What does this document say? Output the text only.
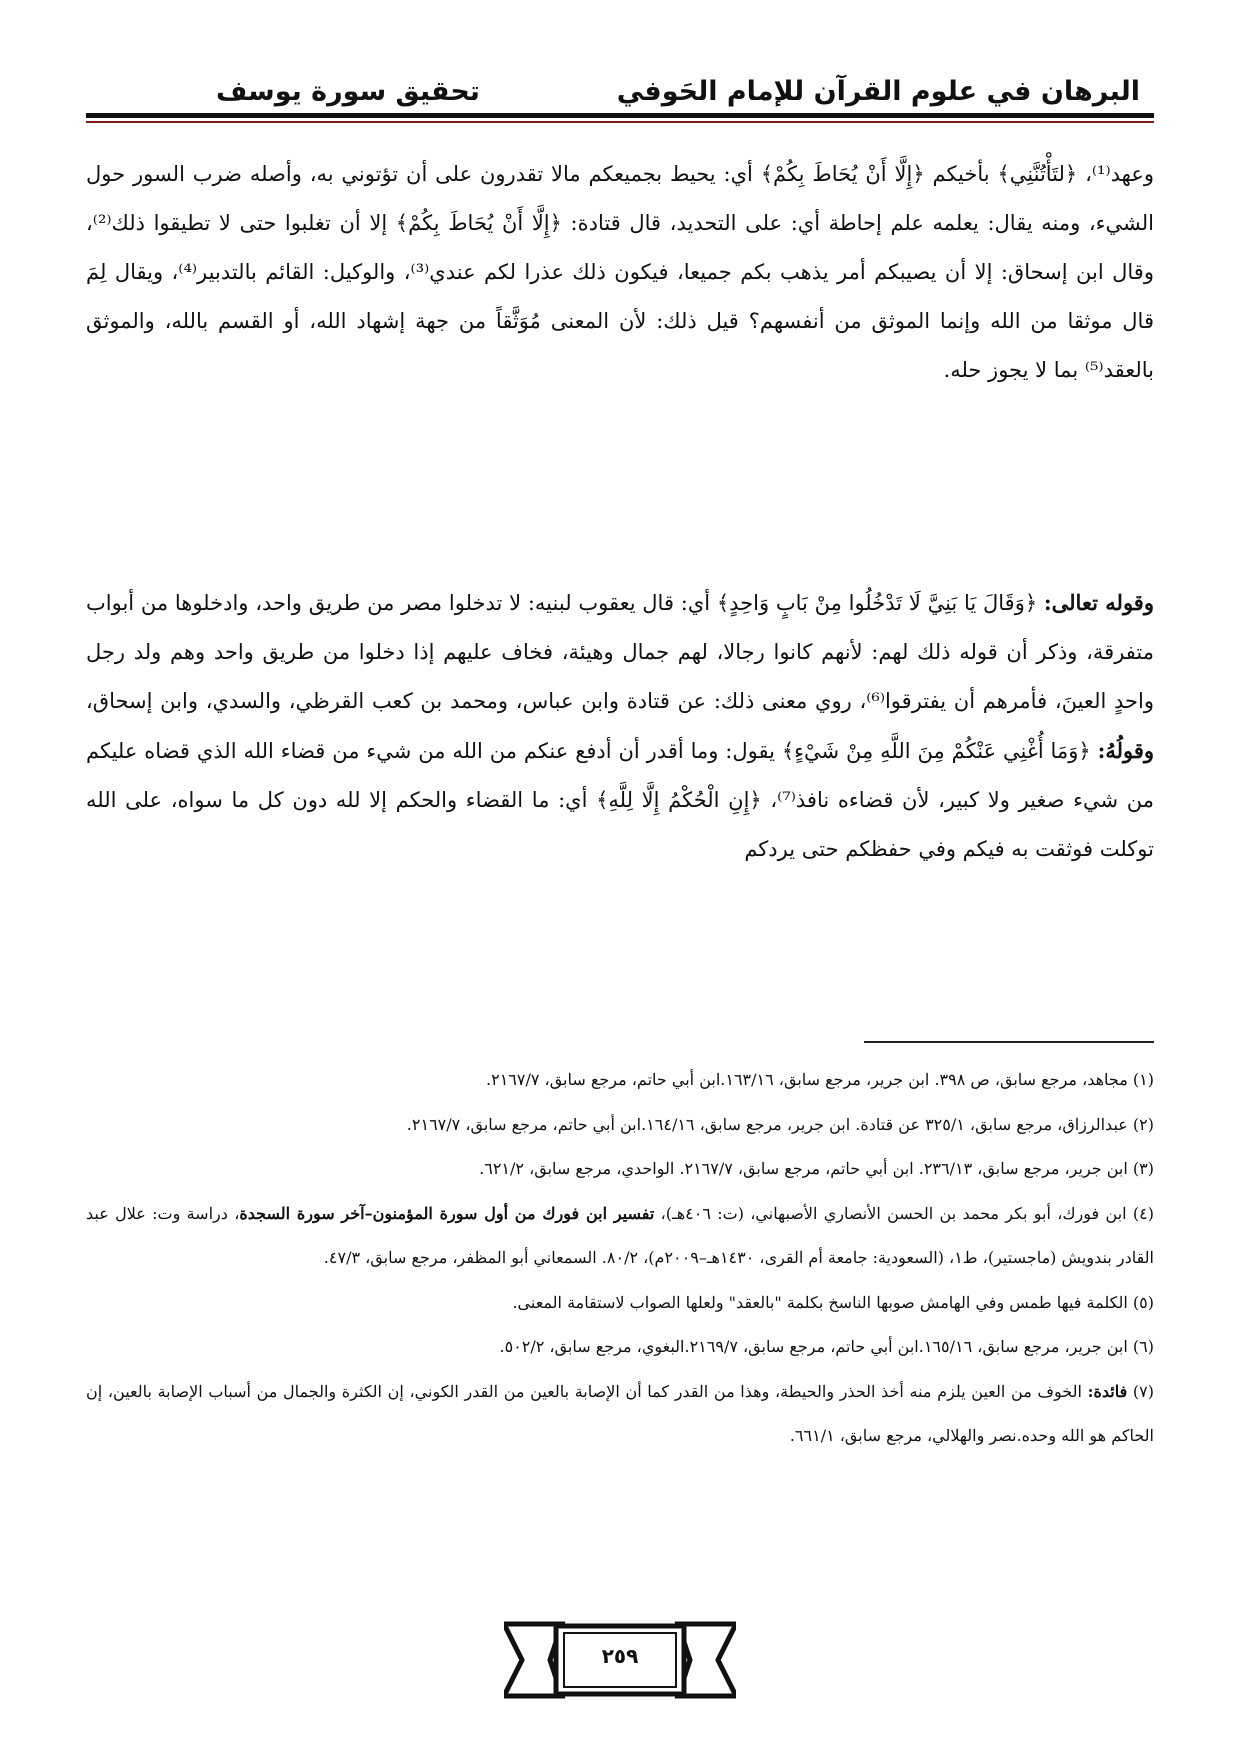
البرهان في علوم القرآن للإمام الحَوفي
تحقيق سورة يوسف
وعهد⁽¹⁾، ﴿لتَأْتُنَّنِي﴾ بأخيكم ﴿إِلَّا أَنْ يُحَاطَ بِكُمْ﴾ أي: يحيط بجميعكم مالا تقدرون على أن تؤتوني به، وأصله ضرب السور حول الشيء، ومنه يقال: يعلمه علم إحاطة أي: على التحديد، قال قتادة: ﴿إِلَّا أَنْ يُحَاطَ بِكُمْ﴾ إلا أن تغلبوا حتى لا تطيقوا ذلك⁽²⁾، وقال ابن إسحاق: إلا أن يصيبكم أمر يذهب بكم جميعا، فيكون ذلك عذرا لكم عندي⁽³⁾، والوكيل: القائم بالتدبير⁽⁴⁾، ويقال لِمَ قال موثقا من الله وإنما الموثق من أنفسهم؟ قيل ذلك: لأن المعنى مُوَثَّقاً من جهة إشهاد الله، أو القسم بالله، والموثق بالعقد⁽⁵⁾ بما لا يجوز حله.
وقوله تعالى: ﴿وَقَالَ يَا بَنِيَّ لَا تَدْخُلُوا مِنْ بَابٍ وَاحِدٍ﴾ أي: قال يعقوب لبنيه: لا تدخلوا مصر من طريق واحد، وادخلوها من أبواب متفرقة، وذكر أن قوله ذلك لهم: لأنهم كانوا رجالا، لهم جمال وهيئة، فخاف عليهم إذا دخلوا من طريق واحد وهم ولد رجل واحدٍ العينَ، فأمرهم أن يفترقوا⁽⁶⁾، روي معنى ذلك: عن قتادة وابن عباس، ومحمد بن كعب القرظي، والسدي، وابن إسحاق، وقولُهُ: ﴿وَمَا أُغْنِي عَنْكُمْ مِنَ اللَّهِ مِنْ شَيْءٍ﴾ يقول: وما أقدر أن أدفع عنكم من الله من شيء من قضاء الله الذي قضاه عليكم من شيء صغير ولا كبير، لأن قضاءه نافذ⁽⁷⁾، ﴿إِنِ الْحُكْمُ إِلَّا لِلَّهِ﴾ أي: ما القضاء والحكم إلا لله دون كل ما سواه، على الله توكلت فوثقت به فيكم وفي حفظكم حتى يردكم

(١) مجاهد، مرجع سابق، ص ٣٩٨. ابن جرير، مرجع سابق، ١٦٣/١٦.ابن أبي حاتم، مرجع سابق، ٢١٦٧/٧.

(٢) عبدالرزاق، مرجع سابق، ٣٢٥/١ عن قتادة. ابن جرير، مرجع سابق، ١٦٤/١٦.ابن أبي حاتم، مرجع سابق، ٢١٦٧/٧.

(٣) ابن جرير، مرجع سابق، ٢٣٦/١٣. ابن أبي حاتم، مرجع سابق، ٢١٦٧/٧. الواحدي، مرجع سابق، ٦٢١/٢.

(٤) ابن فورك، أبو بكر محمد بن الحسن الأنصاري الأصبهاني، (ت: ٤٠٦هـ)، تفسير ابن فورك من أول سورة المؤمنون–آخر سورة السجدة، دراسة وت: علال عبد القادر بندويش (ماجستير)، ط١، (السعودية: جامعة أم القرى، ١٤٣٠هـ–٢٠٠٩م)، ٨٠/٢. السمعاني أبو المظفر، مرجع سابق، ٤٧/٣.

(٥) الكلمة فيها طمس وفي الهامش صوبها الناسخ بكلمة "بالعقد" ولعلها الصواب لاستقامة المعنى.

(٦) ابن جرير، مرجع سابق، ١٦٥/١٦.ابن أبي حاتم، مرجع سابق، ٢١٦٩/٧.البغوي، مرجع سابق، ٥٠٢/٢.

(٧) فائدة: الخوف من العين يلزم منه أخذ الحذر والحيطة، وهذا من القدر كما أن الإصابة بالعين من القدر الكوني، إن الكثرة والجمال من أسباب الإصابة بالعين، إن الحاكم هو الله وحده.نصر والهلالي، مرجع سابق، ٦٦١/١.

٢٥٩
